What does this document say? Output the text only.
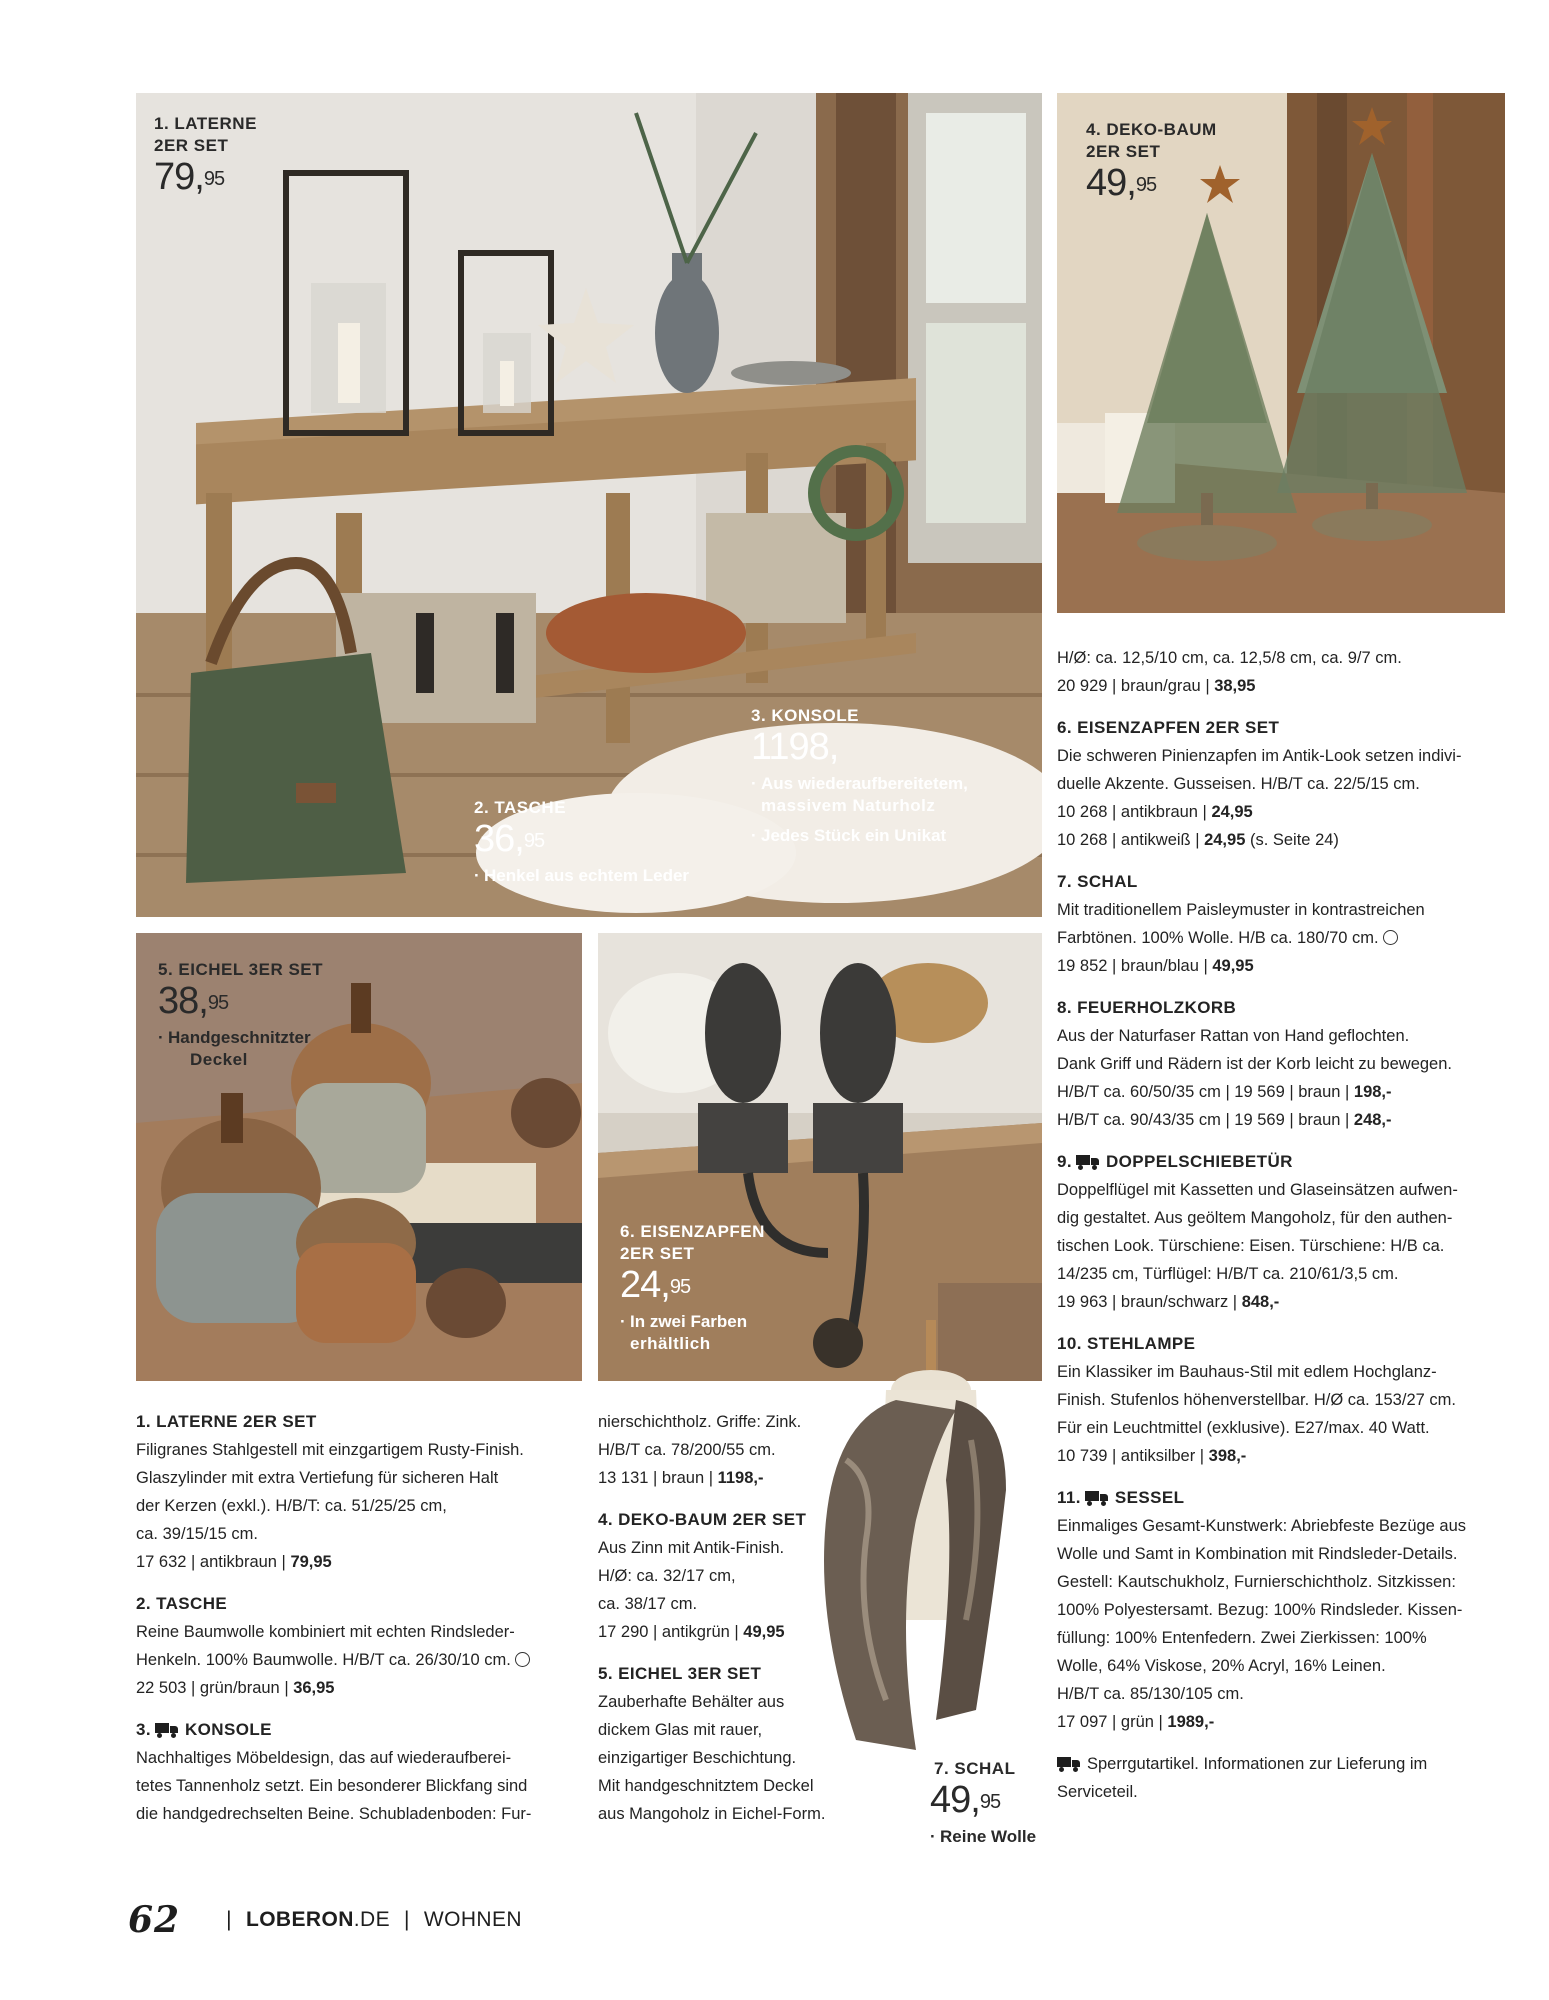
1. LATERNE
2ER SET
79,95
3. KONSOLE
1198,
· Aus wiederaufbereitetem,
massivem Naturholz
· Jedes Stück ein Unikat
2. TASCHE
36,95
· Henkel aus echtem Leder
4. DEKO-BAUM
2ER SET
49,95
5. EICHEL 3ER SET
38,95
· Handgeschnitzter
Deckel
6. EISENZAPFEN
2ER SET
24,95
· In zwei Farben
erhältlich
7. SCHAL
49,95
· Reine Wolle
1. LATERNE 2ER SET
Filigranes Stahlgestell mit einzgartigem Rusty-Finish.
Glaszylinder mit extra Vertiefung für sicheren Halt
der Kerzen (exkl.). H/B/T: ca. 51/25/25 cm,
ca. 39/15/15 cm.
17 632 | antikbraun | 79,95
2. TASCHE
Reine Baumwolle kombiniert mit echten Rindsleder-
Henkeln. 100% Baumwolle. H/B/T ca. 26/30/10 cm.
22 503 | grün/braun | 36,95
3. KONSOLE
Nachhaltiges Möbeldesign, das auf wiederaufberei-
tetes Tannenholz setzt. Ein besonderer Blickfang sind
die handgedrechselten Beine. Schubladenboden: Fur-
nierschichtholz. Griffe: Zink.
H/B/T ca. 78/200/55 cm.
13 131 | braun | 1198,-
4. DEKO-BAUM 2ER SET
Aus Zinn mit Antik-Finish.
H/Ø: ca. 32/17 cm,
ca. 38/17 cm.
17 290 | antikgrün | 49,95
5. EICHEL 3ER SET
Zauberhafte Behälter aus
dickem Glas mit rauer,
einzigartiger Beschichtung.
Mit handgeschnitztem Deckel
aus Mangoholz in Eichel-Form.
H/Ø: ca. 12,5/10 cm, ca. 12,5/8 cm, ca. 9/7 cm.
20 929 | braun/grau | 38,95
6. EISENZAPFEN 2ER SET
Die schweren Pinienzapfen im Antik-Look setzen indivi-
duelle Akzente. Gusseisen. H/B/T ca. 22/5/15 cm.
10 268 | antikbraun | 24,95
10 268 | antikweiß | 24,95 (s. Seite 24)
7. SCHAL
Mit traditionellem Paisleymuster in kontrastreichen
Farbtönen. 100% Wolle. H/B ca. 180/70 cm.
19 852 | braun/blau | 49,95
8. FEUERHOLZKORB
Aus der Naturfaser Rattan von Hand geflochten.
Dank Griff und Rädern ist der Korb leicht zu bewegen.
H/B/T ca. 60/50/35 cm | 19 569 | braun | 198,-
H/B/T ca. 90/43/35 cm | 19 569 | braun | 248,-
9. DOPPELSCHIEBETÜR
Doppelflügel mit Kassetten und Glaseinsätzen aufwen-
dig gestaltet. Aus geöltem Mangoholz, für den authen-
tischen Look. Türschiene: Eisen. Türschiene: H/B ca.
14/235 cm, Türflügel: H/B/T ca. 210/61/3,5 cm.
19 963 | braun/schwarz | 848,-
10. STEHLAMPE
Ein Klassiker im Bauhaus-Stil mit edlem Hochglanz-
Finish. Stufenlos höhenverstellbar. H/Ø ca. 153/27 cm.
Für ein Leuchtmittel (exklusive). E27/max. 40 Watt.
10 739 | antiksilber | 398,-
11. SESSEL
Einmaliges Gesamt-Kunstwerk: Abriebfeste Bezüge aus
Wolle und Samt in Kombination mit Rindsleder-Details.
Gestell: Kautschukholz, Furnierschichtholz. Sitzkissen:
100% Polyestersamt. Bezug: 100% Rindsleder. Kissen-
füllung: 100% Entenfedern. Zwei Zierkissen: 100%
Wolle, 64% Viskose, 20% Acryl, 16% Leinen.
H/B/T ca. 85/130/105 cm.
17 097 | grün | 1989,-
Sperrgutartikel. Informationen zur Lieferung im
Serviceteil.
62 | LOBERON.DE | WOHNEN
